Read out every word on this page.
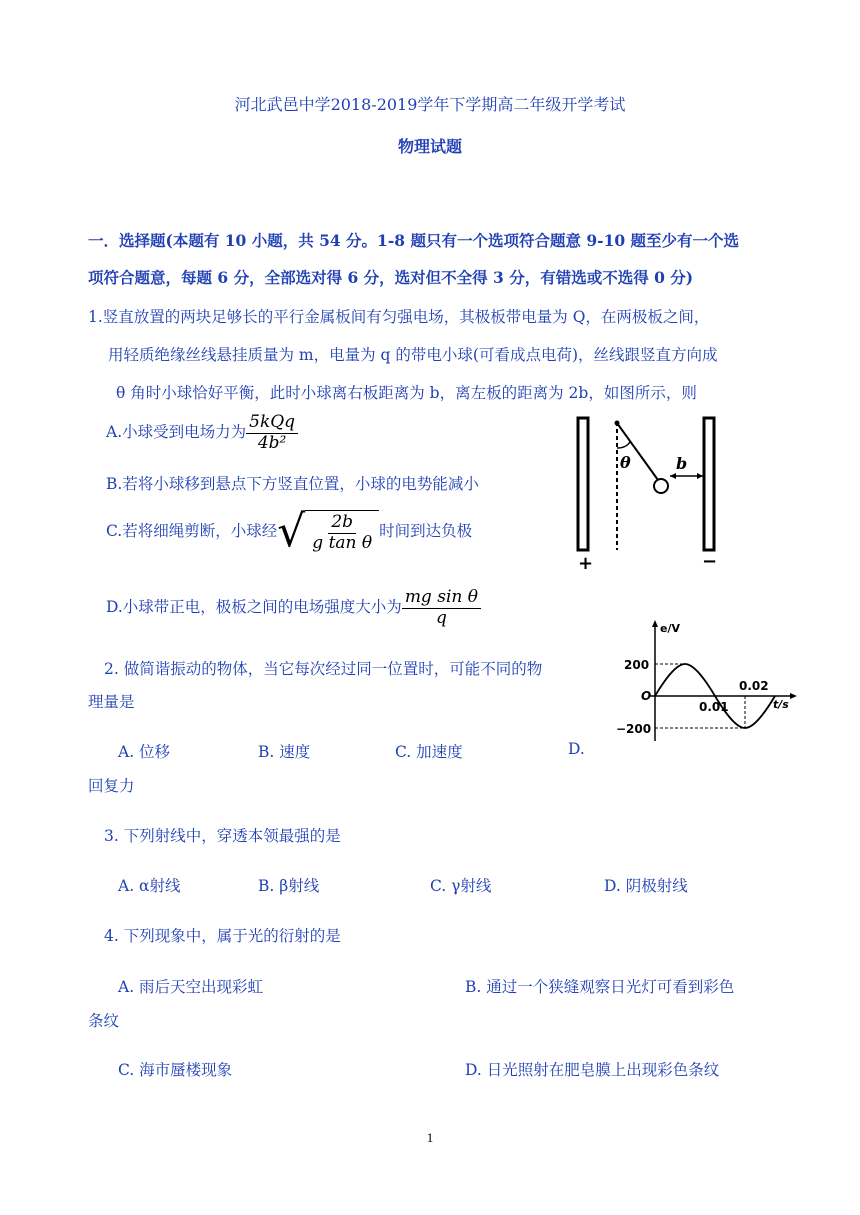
河北武邑中学2018-2019学年下学期高二年级开学考试
物理试题
一．选择题(本题有 10 小题，共 54 分。1-8 题只有一个选项符合题意 9-10 题至少有一个选
项符合题意，每题 6 分，全部选对得 6 分，选对但不全得 3 分，有错选或不选得 0 分)
1.竖直放置的两块足够长的平行金属板间有匀强电场，其极板带电量为 Q，在两极板之间，
用轻质绝缘丝线悬挂质量为 m，电量为 q 的带电小球(可看成点电荷)，丝线跟竖直方向成
θ 角时小球恰好平衡，此时小球离右板距离为 b，离左板的距离为 2b，如图所示，则
A.小球受到电场力为 $\frac{\text{5kQq}}{\text{4b²}}$
B.若将小球移到悬点下方竖直位置，小球的电势能减小
C.若将细绳剪断，小球经 √ $\frac{2b}{\text{g tan θ}}$ 时间到达负极
D.小球带正电，极板之间的电场强度大小为 $\frac{\text{mg sin θ}}{q}$
θ	b
+	−
2. 做简谐振动的物体，当它每次经过同一位置时，可能不同的物
理量是
A. 位移	B. 速度	C. 加速度	D.
回复力
e/V
t/s
200
−200
O
0.01
0.02
3. 下列射线中，穿透本领最强的是
A. α射线	B. β射线	C. γ射线	D. 阴极射线
4. 下列现象中，属于光的衍射的是
A. 雨后天空出现彩虹	B. 通过一个狭缝观察日光灯可看到彩色
条纹
C. 海市蜃楼现象	D. 日光照射在肥皂膜上出现彩色条纹
1
